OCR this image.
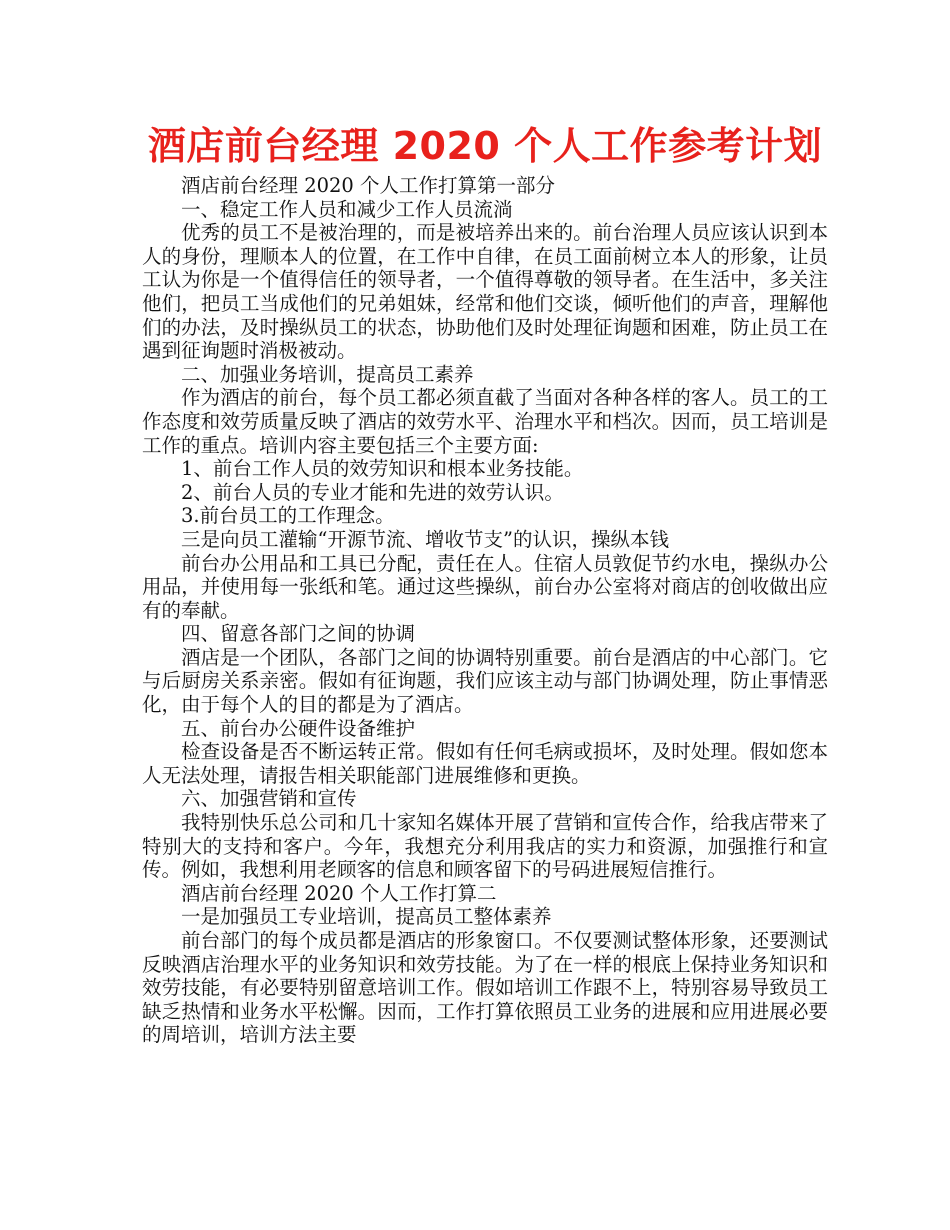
酒店前台经理 2020 个人工作参考计划

酒店前台经理 2020 个人工作打算第一部分

一、稳定工作人员和减少工作人员流淌

优秀的员工不是被治理的，而是被培养出来的。前台治理人员应该认识到本人的身份，理顺本人的位置，在工作中自律，在员工面前树立本人的形象，让员工认为你是一个值得信任的领导者，一个值得尊敬的领导者。在生活中，多关注他们，把员工当成他们的兄弟姐妹，经常和他们交谈，倾听他们的声音，理解他们的办法，及时操纵员工的状态，协助他们及时处理征询题和困难，防止员工在遇到征询题时消极被动。

二、加强业务培训，提高员工素养

作为酒店的前台，每个员工都必须直截了当面对各种各样的客人。员工的工作态度和效劳质量反映了酒店的效劳水平、治理水平和档次。因而，员工培训是工作的重点。培训内容主要包括三个主要方面:

1、前台工作人员的效劳知识和根本业务技能。

2、前台人员的专业才能和先进的效劳认识。

3.前台员工的工作理念。

三是向员工灌输“开源节流、增收节支”的认识，操纵本钱

前台办公用品和工具已分配，责任在人。住宿人员敦促节约水电，操纵办公用品，并使用每一张纸和笔。通过这些操纵，前台办公室将对商店的创收做出应有的奉献。

四、留意各部门之间的协调

酒店是一个团队，各部门之间的协调特别重要。前台是酒店的中心部门。它与后厨房关系亲密。假如有征询题，我们应该主动与部门协调处理，防止事情恶化，由于每个人的目的都是为了酒店。

五、前台办公硬件设备维护

检查设备是否不断运转正常。假如有任何毛病或损坏，及时处理。假如您本人无法处理，请报告相关职能部门进展维修和更换。

六、加强营销和宣传

我特别快乐总公司和几十家知名媒体开展了营销和宣传合作，给我店带来了特别大的支持和客户。今年，我想充分利用我店的实力和资源，加强推行和宣传。例如，我想利用老顾客的信息和顾客留下的号码进展短信推行。

酒店前台经理 2020 个人工作打算二

一是加强员工专业培训，提高员工整体素养

前台部门的每个成员都是酒店的形象窗口。不仅要测试整体形象，还要测试反映酒店治理水平的业务知识和效劳技能。为了在一样的根底上保持业务知识和效劳技能，有必要特别留意培训工作。假如培训工作跟不上，特别容易导致员工缺乏热情和业务水平松懈。因而，工作打算依照员工业务的进展和应用进展必要的周培训，培训方法主要
